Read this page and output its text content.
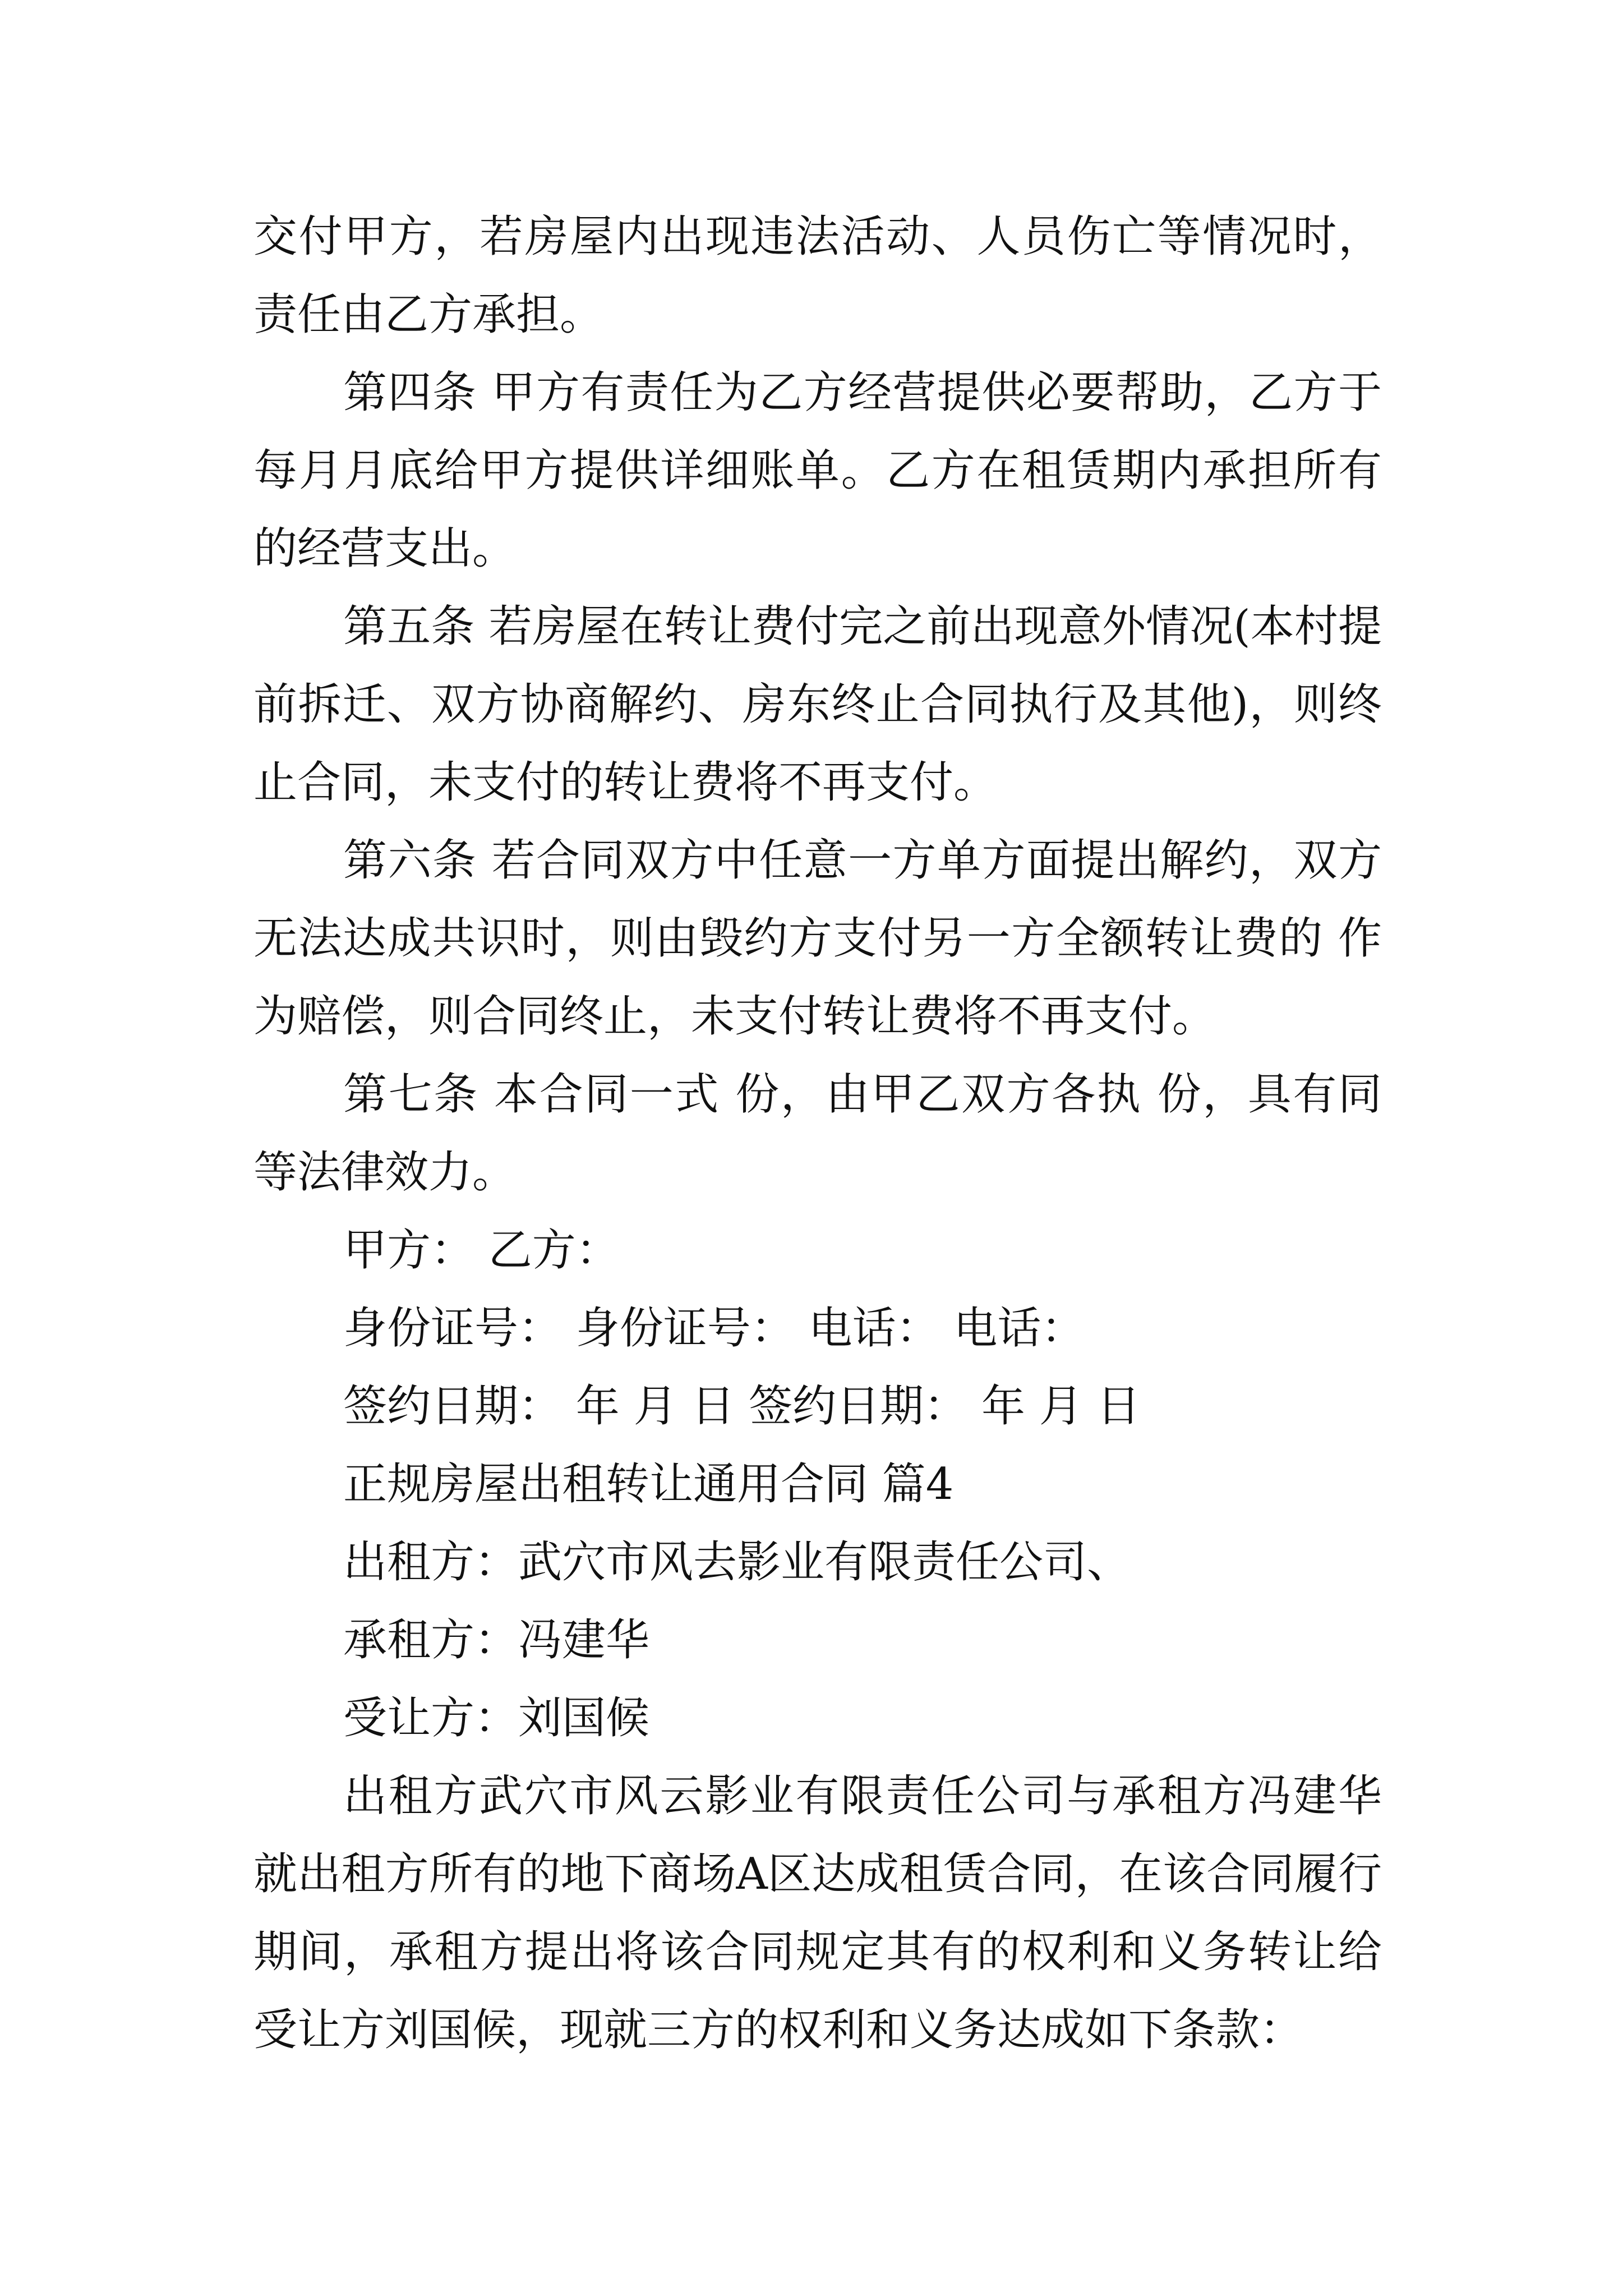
交付甲方，若房屋内出现违法活动、人员伤亡等情况时，责任由乙方承担。

第四条 甲方有责任为乙方经营提供必要帮助，乙方于每月月底给甲方提供详细账单。乙方在租赁期内承担所有的经营支出。

第五条 若房屋在转让费付完之前出现意外情况(本村提前拆迁、双方协商解约、房东终止合同执行及其他)，则终止合同，未支付的转让费将不再支付。

第六条 若合同双方中任意一方单方面提出解约，双方无法达成共识时，则由毁约方支付另一方全额转让费的 作为赔偿，则合同终止，未支付转让费将不再支付。

第七条 本合同一式 份，由甲乙双方各执 份，具有同等法律效力。

甲方： 乙方：

身份证号： 身份证号： 电话： 电话：

签约日期： 年 月 日 签约日期： 年 月 日

正规房屋出租转让通用合同 篇4

出租方：武穴市风去影业有限责任公司、

承租方：冯建华

受让方：刘国候

出租方武穴市风云影业有限责任公司与承租方冯建华就出租方所有的地下商场A区达成租赁合同，在该合同履行期间，承租方提出将该合同规定其有的权利和义务转让给受让方刘国候，现就三方的权利和义务达成如下条款：
